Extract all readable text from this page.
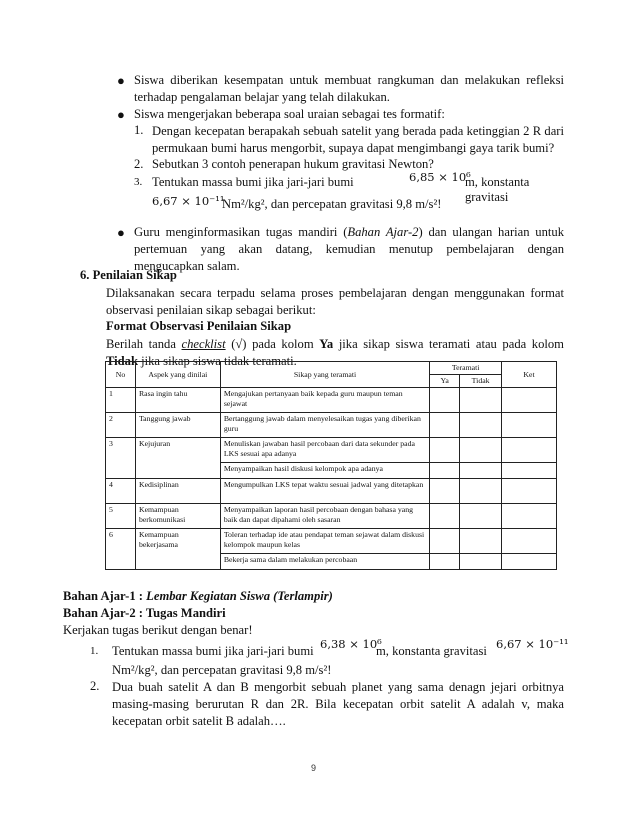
● Siswa diberikan kesempatan untuk membuat rangkuman dan melakukan refleksi terhadap pengalaman belajar yang telah dilakukan.
● Siswa mengerjakan beberapa soal uraian sebagai tes formatif:
1. Dengan kecepatan berapakah sebuah satelit yang berada pada ketinggian 2 R dari permukaan bumi harus mengorbit, supaya dapat mengimbangi gaya tarik bumi?
2. Sebutkan 3 contoh penerapan hukum gravitasi Newton?
3. Tentukan massa bumi jika jari-jari bumi	6,85 × 10⁶
m, konstanta gravitasi
6,67 × 10⁻¹¹
Nm²/kg², dan percepatan gravitasi 9,8 m/s²!
● Guru menginformasikan tugas mandiri (Bahan Ajar-2) dan ulangan harian untuk pertemuan yang akan datang, kemudian menutup pembelajaran dengan mengucapkan salam.
6. Penilaian Sikap
Dilaksanakan secara terpadu selama proses pembelajaran dengan menggunakan format observasi penilaian sikap sebagai berikut:
Format Observasi Penilaian Sikap
Berilah tanda checklist (√) pada kolom Ya jika sikap siswa teramati atau pada kolom Tidak jika sikap siswa tidak teramati.
No	Aspek yang dinilai	Sikap yang teramati	Teramati		Ket
			Ya	Tidak	
1	Rasa ingin tahu	Mengajukan pertanyaan baik kepada guru maupun teman sejawat			
2	Tanggung jawab	Bertanggung jawab dalam menyelesaikan tugas yang diberikan guru			
3	Kejujuran	Menuliskan jawaban hasil percobaan dari data sekunder pada LKS sesuai apa adanya			
		Menyampaikan hasil diskusi kelompok apa adanya			
4	Kedisiplinan	Mengumpulkan LKS tepat waktu sesuai jadwal yang ditetapkan			
5	Kemampuan berkomunikasi	Menyampaikan laporan hasil percobaan dengan bahasa yang baik dan dapat dipahami oleh sasaran			
6	Kemampuan bekerjasama	Toleran terhadap ide atau pendapat teman sejawat dalam diskusi kelompok maupun kelas			
		Bekerja sama dalam melakukan percobaan			
Bahan Ajar-1 : Lembar Kegiatan Siswa (Terlampir)
Bahan Ajar-2 : Tugas Mandiri
Kerjakan tugas berikut dengan benar!
1. Tentukan massa bumi jika jari-jari bumi 6,38 × 10⁶
m, konstanta gravitasi 6,67 × 10⁻¹¹
Nm²/kg², dan percepatan gravitasi 9,8 m/s²!
2. Dua buah satelit A dan B mengorbit sebuah planet yang sama denagn jejari orbitnya masing-masing berurutan R dan 2R. Bila kecepatan orbit satelit A adalah v, maka kecepatan orbit satelit B adalah….
9
